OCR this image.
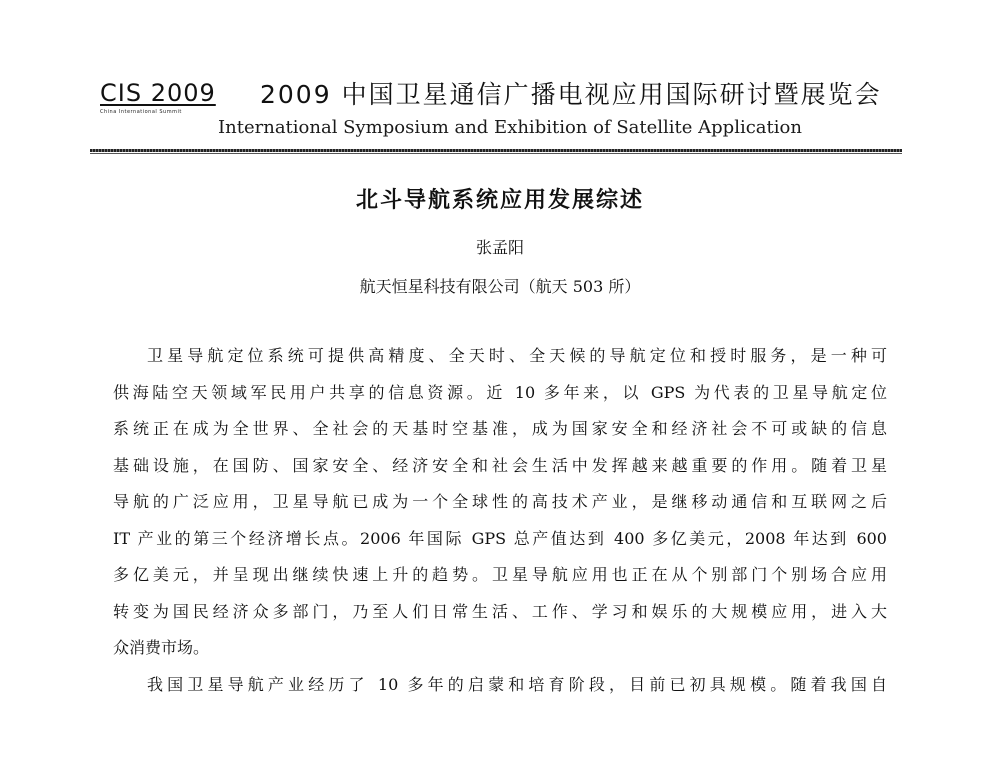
CIS 2009
China International Summit
2009 中国卫星通信广播电视应用国际研讨暨展览会
International Symposium and Exhibition of Satellite Application
北斗导航系统应用发展综述
张孟阳
航天恒星科技有限公司（航天 503 所）
卫星导航定位系统可提供高精度、全天时、全天候的导航定位和授时服务，是一种可
供海陆空天领域军民用户共享的信息资源。近 10 多年来，以 GPS 为代表的卫星导航定位
系统正在成为全世界、全社会的天基时空基准，成为国家安全和经济社会不可或缺的信息
基础设施，在国防、国家安全、经济安全和社会生活中发挥越来越重要的作用。随着卫星
导航的广泛应用，卫星导航已成为一个全球性的高技术产业，是继移动通信和互联网之后
IT 产业的第三个经济增长点。2006 年国际 GPS 总产值达到 400 多亿美元，2008 年达到 600
多亿美元，并呈现出继续快速上升的趋势。卫星导航应用也正在从个别部门个别场合应用
转变为国民经济众多部门，乃至人们日常生活、工作、学习和娱乐的大规模应用，进入大
众消费市场。
我国卫星导航产业经历了 10 多年的启蒙和培育阶段，目前已初具规模。随着我国自
